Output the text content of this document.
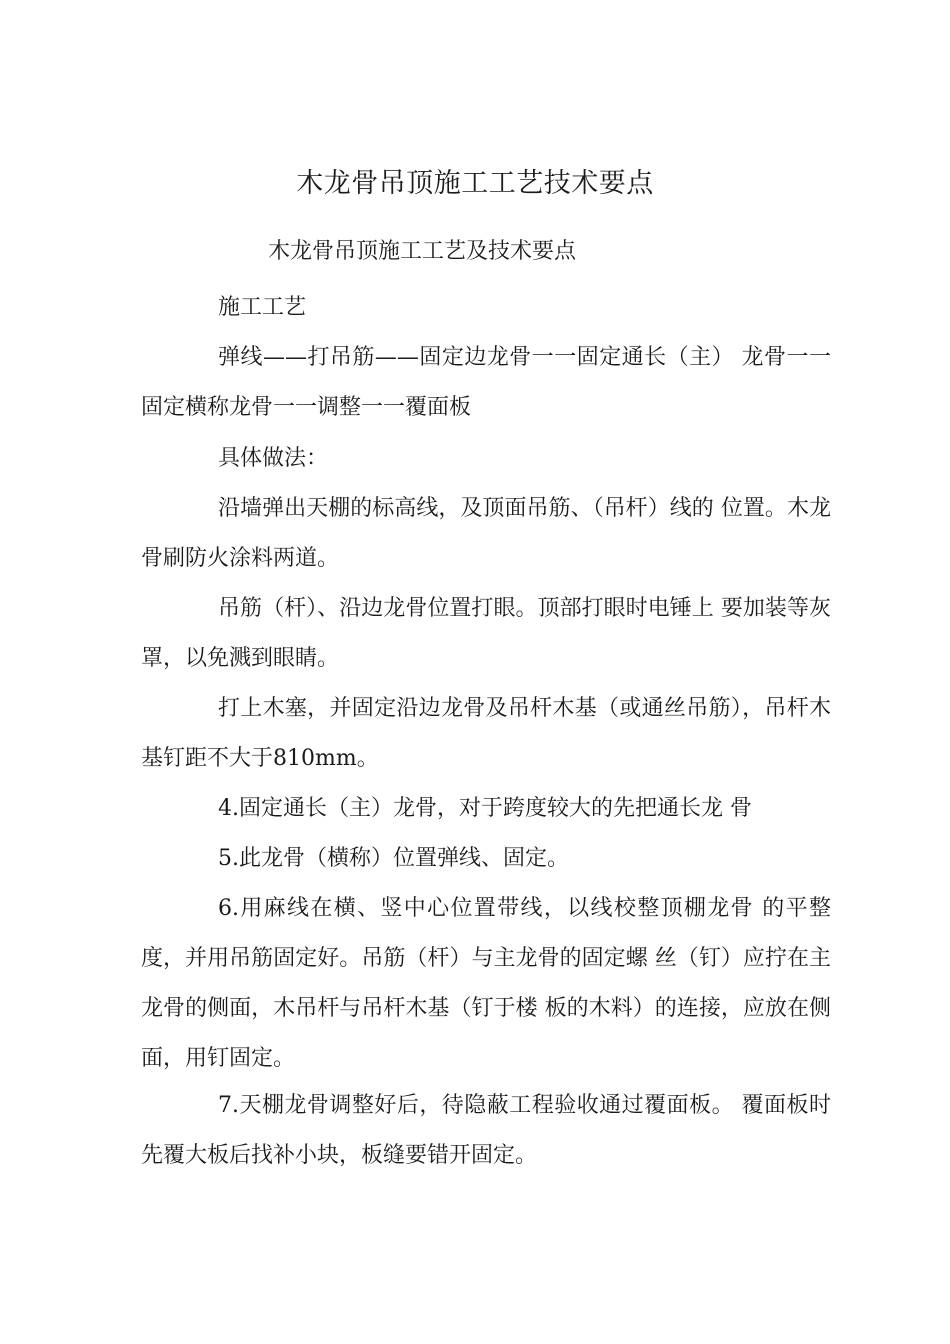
木龙骨吊顶施工工艺技术要点

木龙骨吊顶施工工艺及技术要点

施工工艺

弹线——打吊筋——固定边龙骨一一固定通长（主） 龙骨一一固定横称龙骨一一调整一一覆面板

具体做法：

沿墙弹出天棚的标高线，及顶面吊筋、（吊杆）线的 位置。木龙骨刷防火涂料两道。

吊筋（杆）、沿边龙骨位置打眼。顶部打眼时电锤上 要加装等灰罩，以免溅到眼睛。

打上木塞，并固定沿边龙骨及吊杆木基（或通丝吊筋），吊杆木基钉距不大于810mm。

4.固定通长（主）龙骨，对于跨度较大的先把通长龙 骨

5.此龙骨（横称）位置弹线、固定。

6.用麻线在横、竖中心位置带线，以线校整顶棚龙骨 的平整度，并用吊筋固定好。吊筋（杆）与主龙骨的固定螺 丝（钉）应拧在主龙骨的侧面，木吊杆与吊杆木基（钉于楼 板的木料）的连接，应放在侧面，用钉固定。

7.天棚龙骨调整好后，待隐蔽工程验收通过覆面板。 覆面板时先覆大板后找补小块，板缝要错开固定。
